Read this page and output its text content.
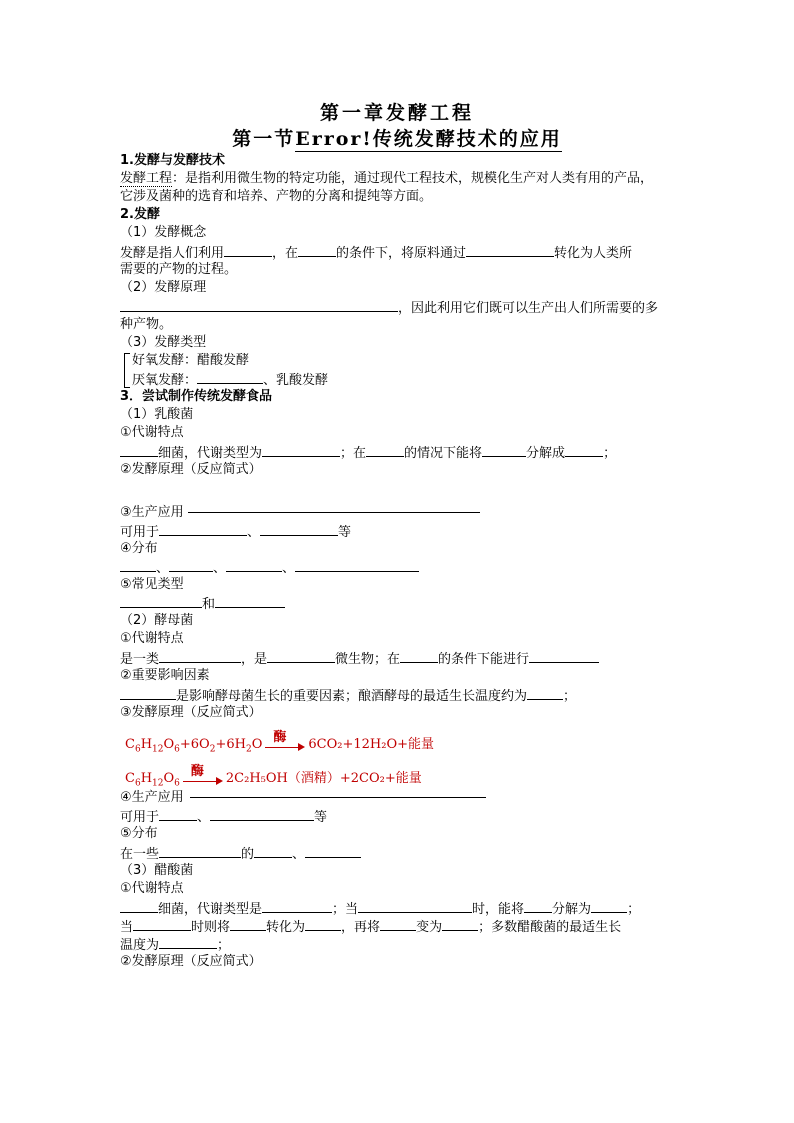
第一章发酵工程
第一节Error!传统发酵技术的应用
1.发酵与发酵技术
发酵工程：是指利用微生物的特定功能，通过现代工程技术，规模化生产对人类有用的产品，
它涉及菌种的选育和培养、产物的分离和提纯等方面。
2.发酵
（1）发酵概念
发酵是指人们利用	，在	的条件下，将原料通过	转化为人类所
需要的产物的过程。
（2）发酵原理
，因此利用它们既可以生产出人们所需要的多
种产物。
（3）发酵类型
好氧发酵：醋酸发酵
厌氧发酵：	、乳酸发酵
3．尝试制作传统发酵食品
（1）乳酸菌
①代谢特点
细菌，代谢类型为	；在	的情况下能将	分解成	；
②发酵原理（反应简式）
③生产应用
可用于	、	等
④分布
、	、	、
⑤常见类型
和
（2）酵母菌
①代谢特点
是一类	，是	微生物；在	的条件下能进行
②重要影响因素
是影响酵母菌生长的重要因素；酿酒酵母的最适生长温度约为	；
③发酵原理（反应简式）
$C_6H_{12}O_6+6O_2+6H_2O$ 酶 6CO₂+12H₂O+能量
$C_6H_{12}O_6$
酶 2C₂H₅OH（酒精）+2CO₂+能量
④生产应用
可用于	、	等
⑤分布
在一些	的	、
（3）醋酸菌
①代谢特点
细菌，代谢类型是	；当	时，能将 分解为	；
当	时则将	转化为	，再将	变为	；多数醋酸菌的最适生长
温度为	；
②发酵原理（反应简式）
